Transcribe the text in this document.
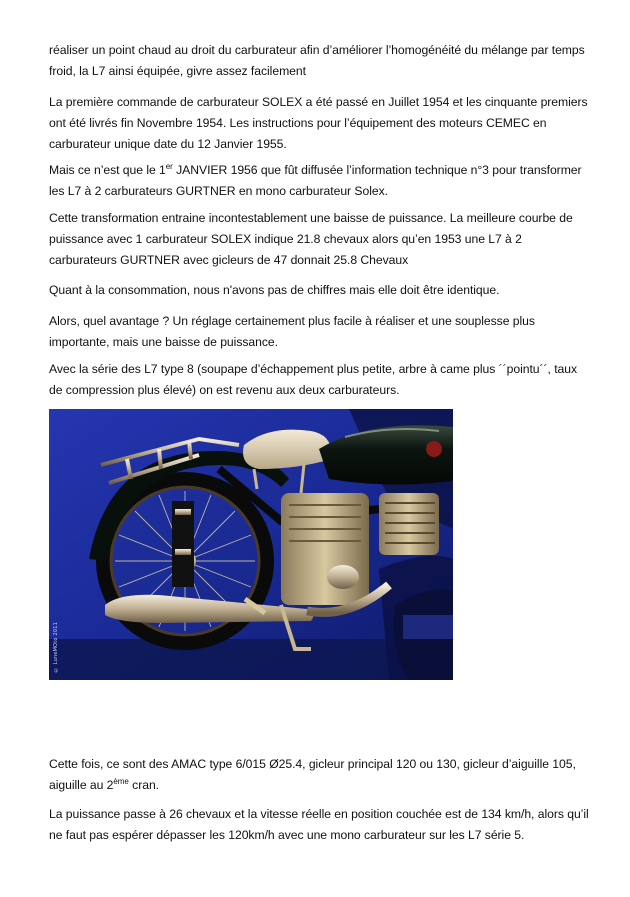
réaliser un point chaud au droit du carburateur afin d’améliorer l’homogénéité du mélange par temps froid, la L7 ainsi équipée, givre assez facilement

La première commande de carburateur SOLEX a été passé en Juillet 1954 et les cinquante premiers ont été livrés fin Novembre 1954. Les instructions pour l’équipement des moteurs CEMEC en carburateur unique date du 12 Janvier 1955.

Mais ce n’est que le 1er JANVIER 1956 que fût diffusée l’information technique n°3 pour transformer les L7 à 2 carburateurs GURTNER en mono carburateur Solex.

Cette transformation entraine incontestablement une baisse de puissance. La meilleure courbe de puissance avec 1 carburateur SOLEX indique 21.8 chevaux alors qu’en 1953 une L7 à 2 carburateurs GURTNER avec gicleurs de 47 donnait 25.8 Chevaux

Quant à la consommation, nous n'avons pas de chiffres mais elle doit être identique.

Alors, quel avantage ? Un réglage certainement plus facile à réaliser et une souplesse plus importante, mais une baisse de puissance.

Avec la série des L7 type 8 (soupape d’échappement plus petite, arbre à came plus ´´pointu´´, taux de compression plus élevé) on est revenu aux deux carburateurs.

© LuneMOto 2011

Cette fois, ce sont des AMAC type 6/015 Ø25.4, gicleur principal 120 ou 130, gicleur d’aiguille 105, aiguille au 2ème cran.

La puissance passe à 26 chevaux et la vitesse réelle en position couchée est de 134 km/h, alors qu’il ne faut pas espérer dépasser les 120km/h avec une mono carburateur sur les L7 série 5.
